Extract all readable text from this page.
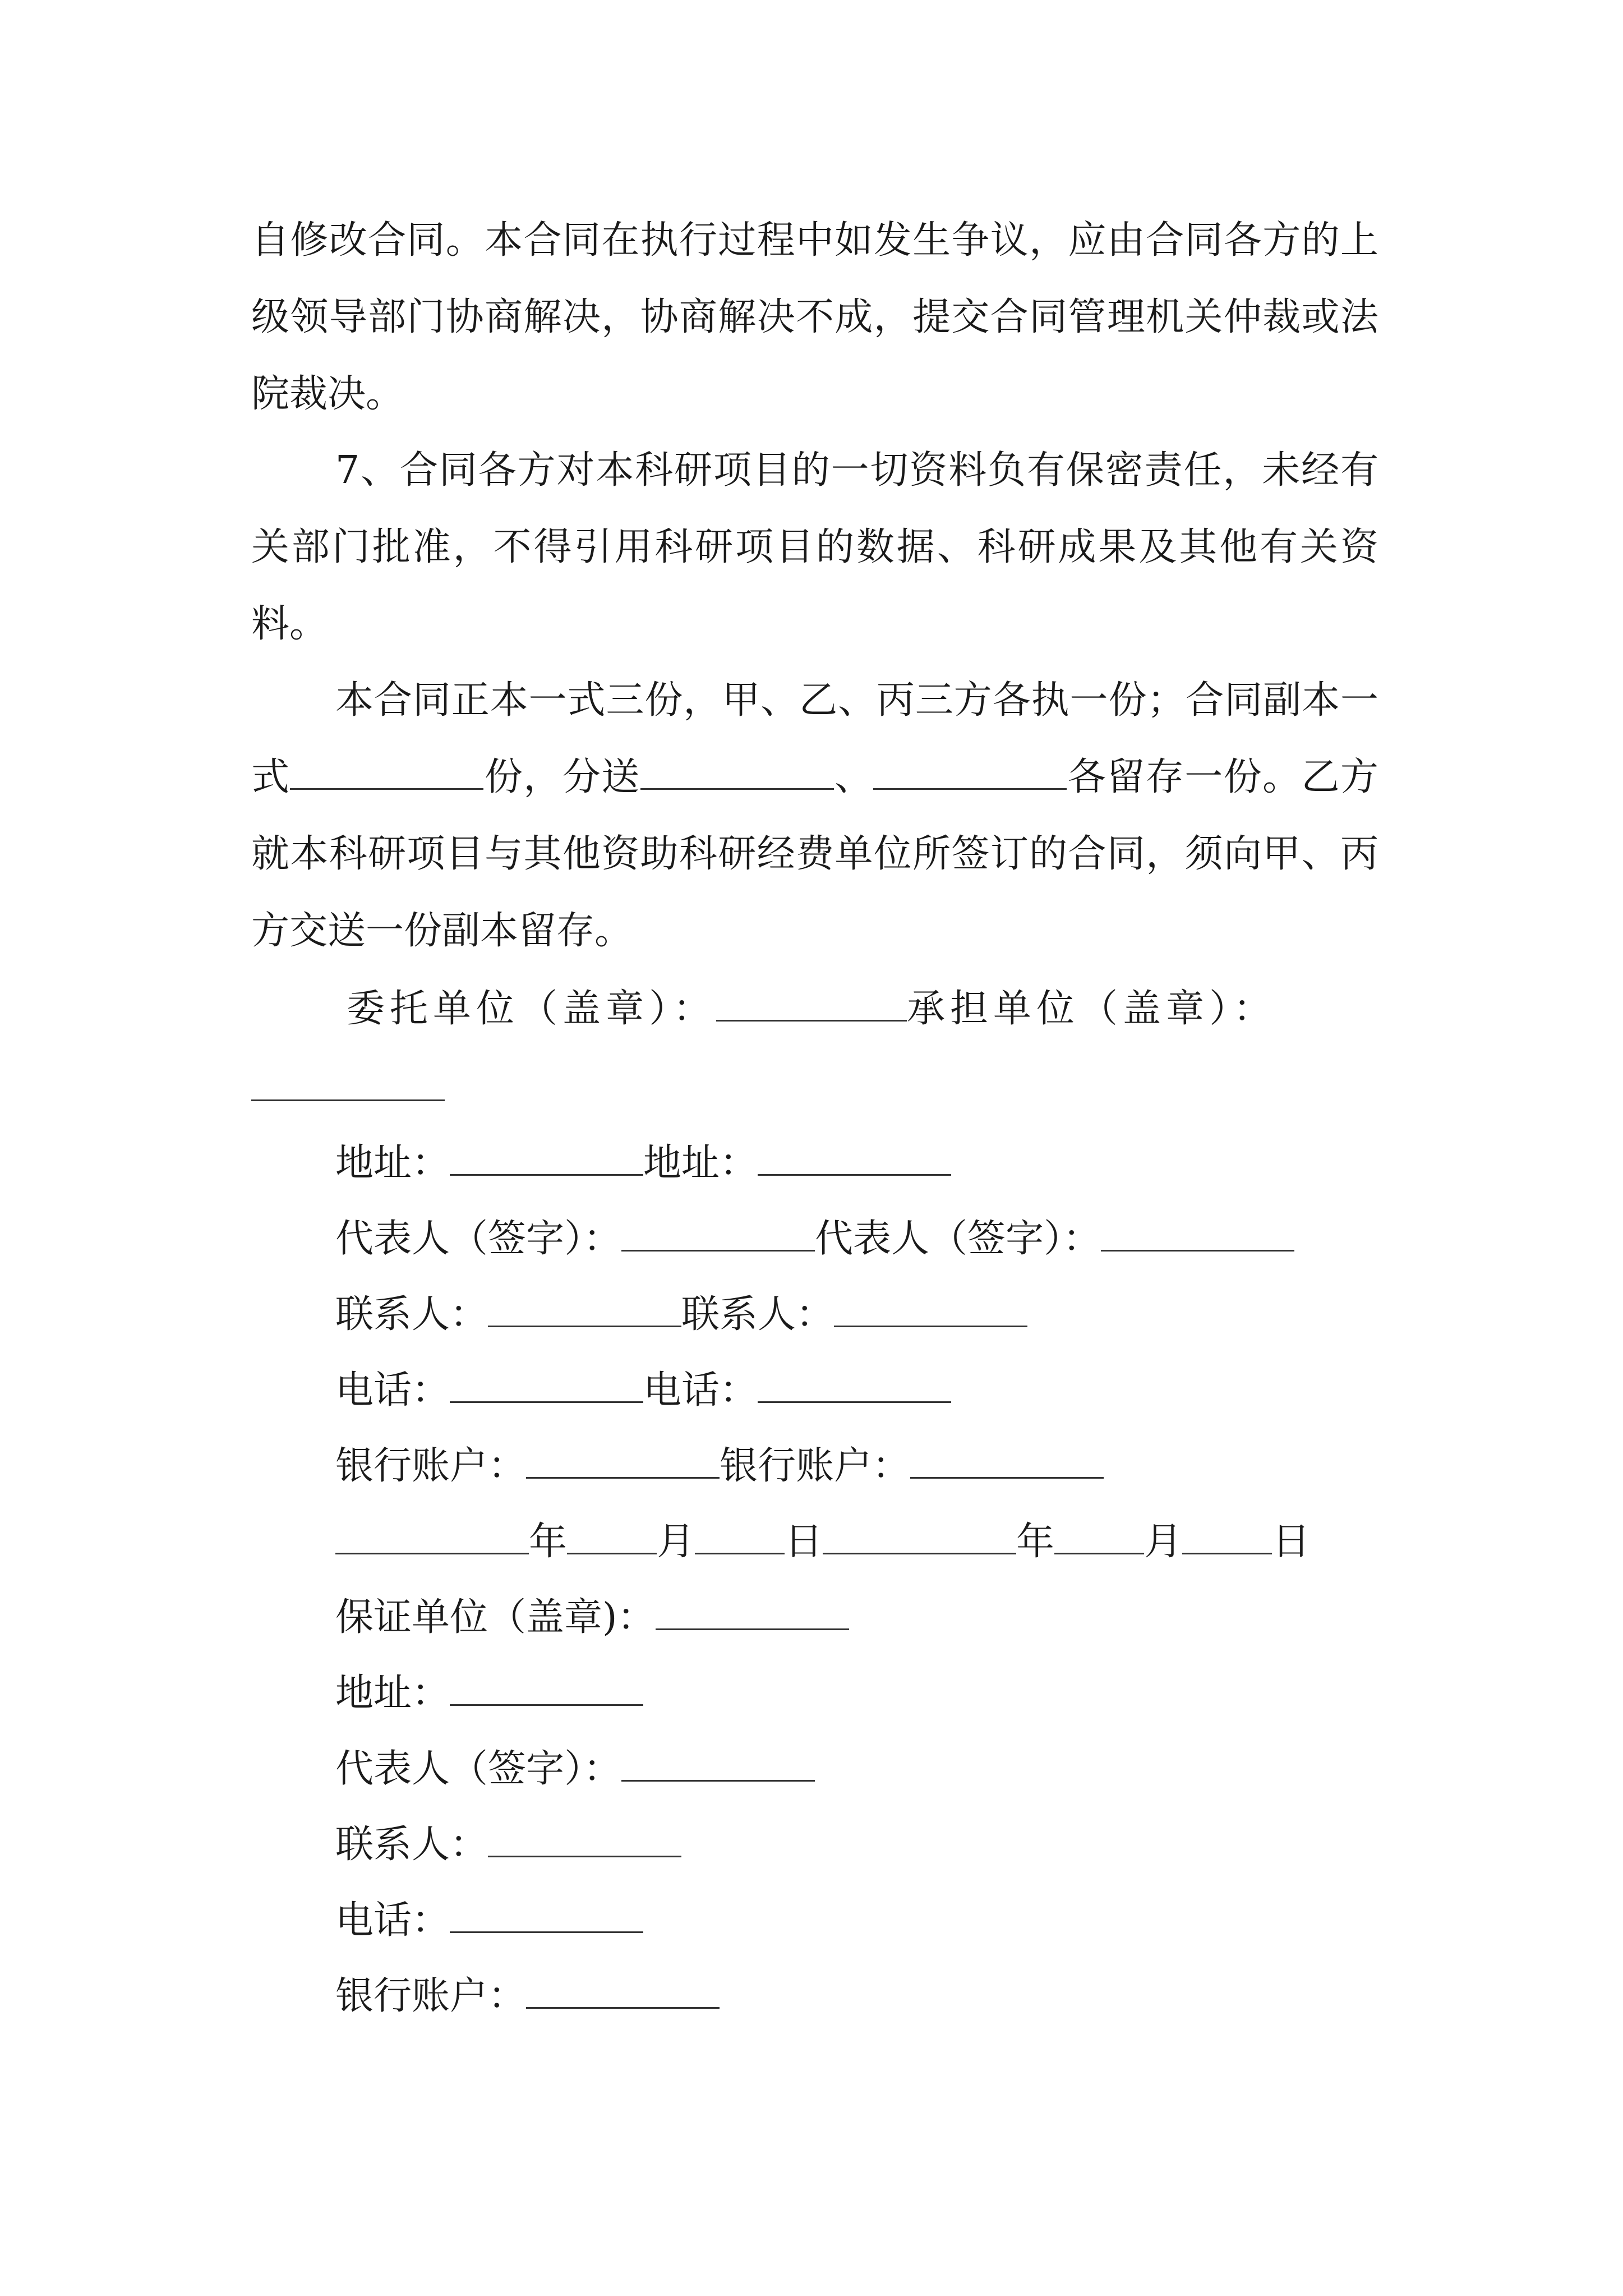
自修改合同。本合同在执行过程中如发生争议，应由合同各方的上级领导部门协商解决，协商解决不成，提交合同管理机关仲裁或法院裁决。

7、合同各方对本科研项目的一切资料负有保密责任，未经有关部门批准，不得引用科研项目的数据、科研成果及其他有关资料。

本合同正本一式三份，甲、乙、丙三方各执一份；合同副本一式	份，分送	、	各留存一份。乙方就本科研项目与其他资助科研经费单位所签订的合同，须向甲、丙方交送一份副本留存。

委托单位（盖章）：	承担单位（盖章）：

地址：	地址：

代表人（签字）：	代表人（签字）：

联系人：	联系人：

电话：	电话：

银行账户：	银行账户：

年 月 日	年 月 日

保证单位（盖章)：

地址：

代表人（签字）：

联系人：

电话：

银行账户：
